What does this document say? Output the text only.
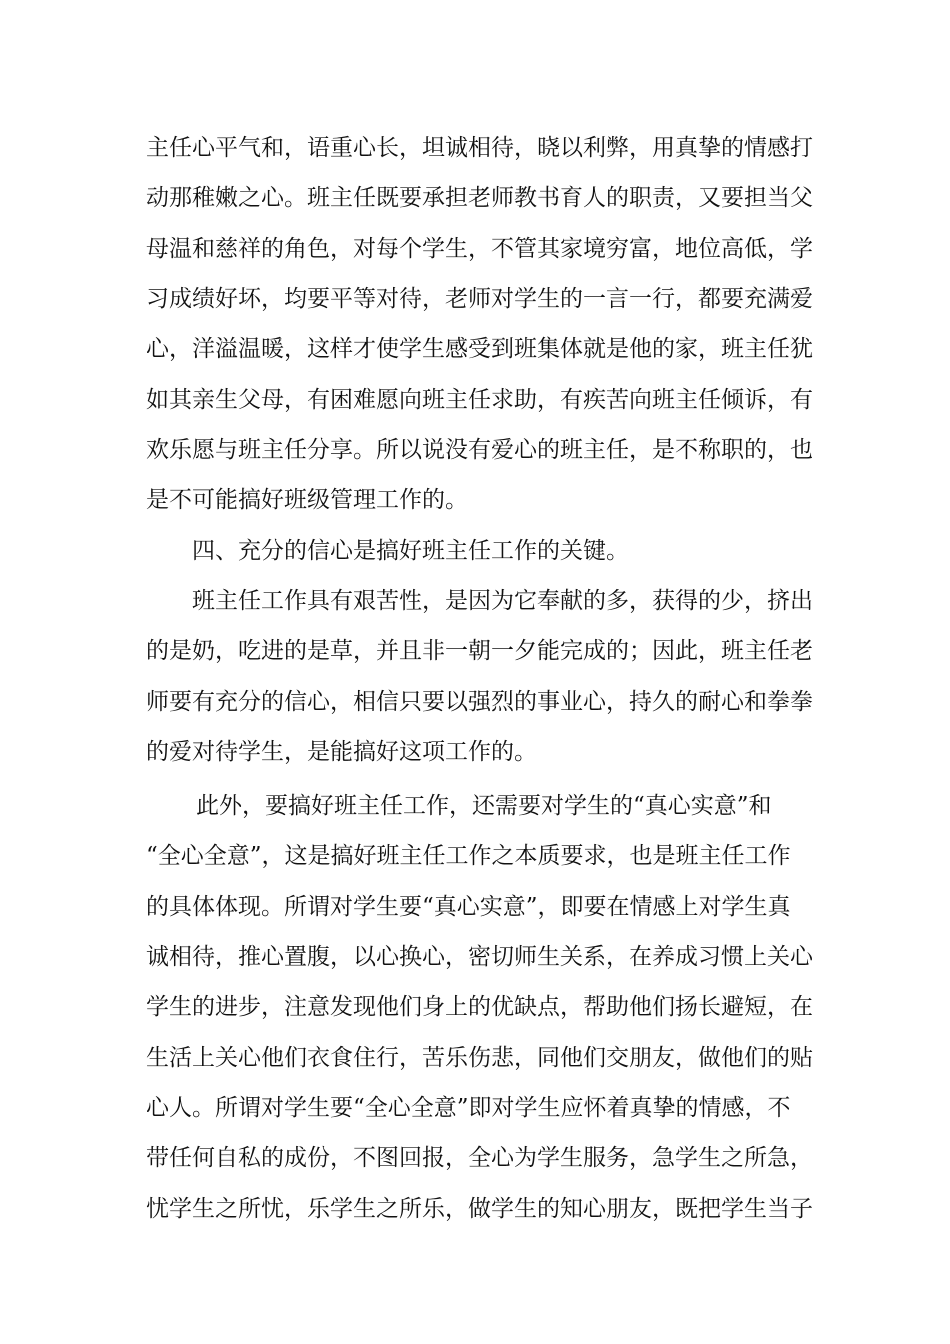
主任心平气和，语重心长，坦诚相待，晓以利弊，用真挚的情感打
动那稚嫩之心。班主任既要承担老师教书育人的职责，又要担当父
母温和慈祥的角色，对每个学生，不管其家境穷富，地位高低，学
习成绩好坏，均要平等对待，老师对学生的一言一行，都要充满爱
心，洋溢温暖，这样才使学生感受到班集体就是他的家，班主任犹
如其亲生父母，有困难愿向班主任求助，有疾苦向班主任倾诉，有
欢乐愿与班主任分享。所以说没有爱心的班主任，是不称职的，也
是不可能搞好班级管理工作的。
四、充分的信心是搞好班主任工作的关键。
班主任工作具有艰苦性，是因为它奉献的多，获得的少，挤出
的是奶，吃进的是草，并且非一朝一夕能完成的；因此，班主任老
师要有充分的信心，相信只要以强烈的事业心，持久的耐心和拳拳
的爱对待学生，是能搞好这项工作的。
此外，要搞好班主任工作，还需要对学生的“真心实意”和
“全心全意”，这是搞好班主任工作之本质要求，也是班主任工作
的具体体现。所谓对学生要“真心实意”，即要在情感上对学生真
诚相待，推心置腹，以心换心，密切师生关系，在养成习惯上关心
学生的进步，注意发现他们身上的优缺点，帮助他们扬长避短，在
生活上关心他们衣食住行，苦乐伤悲，同他们交朋友，做他们的贴
心人。所谓对学生要“全心全意”即对学生应怀着真挚的情感，不
带任何自私的成份，不图回报，全心为学生服务，急学生之所急，
忧学生之所忧，乐学生之所乐，做学生的知心朋友，既把学生当子
